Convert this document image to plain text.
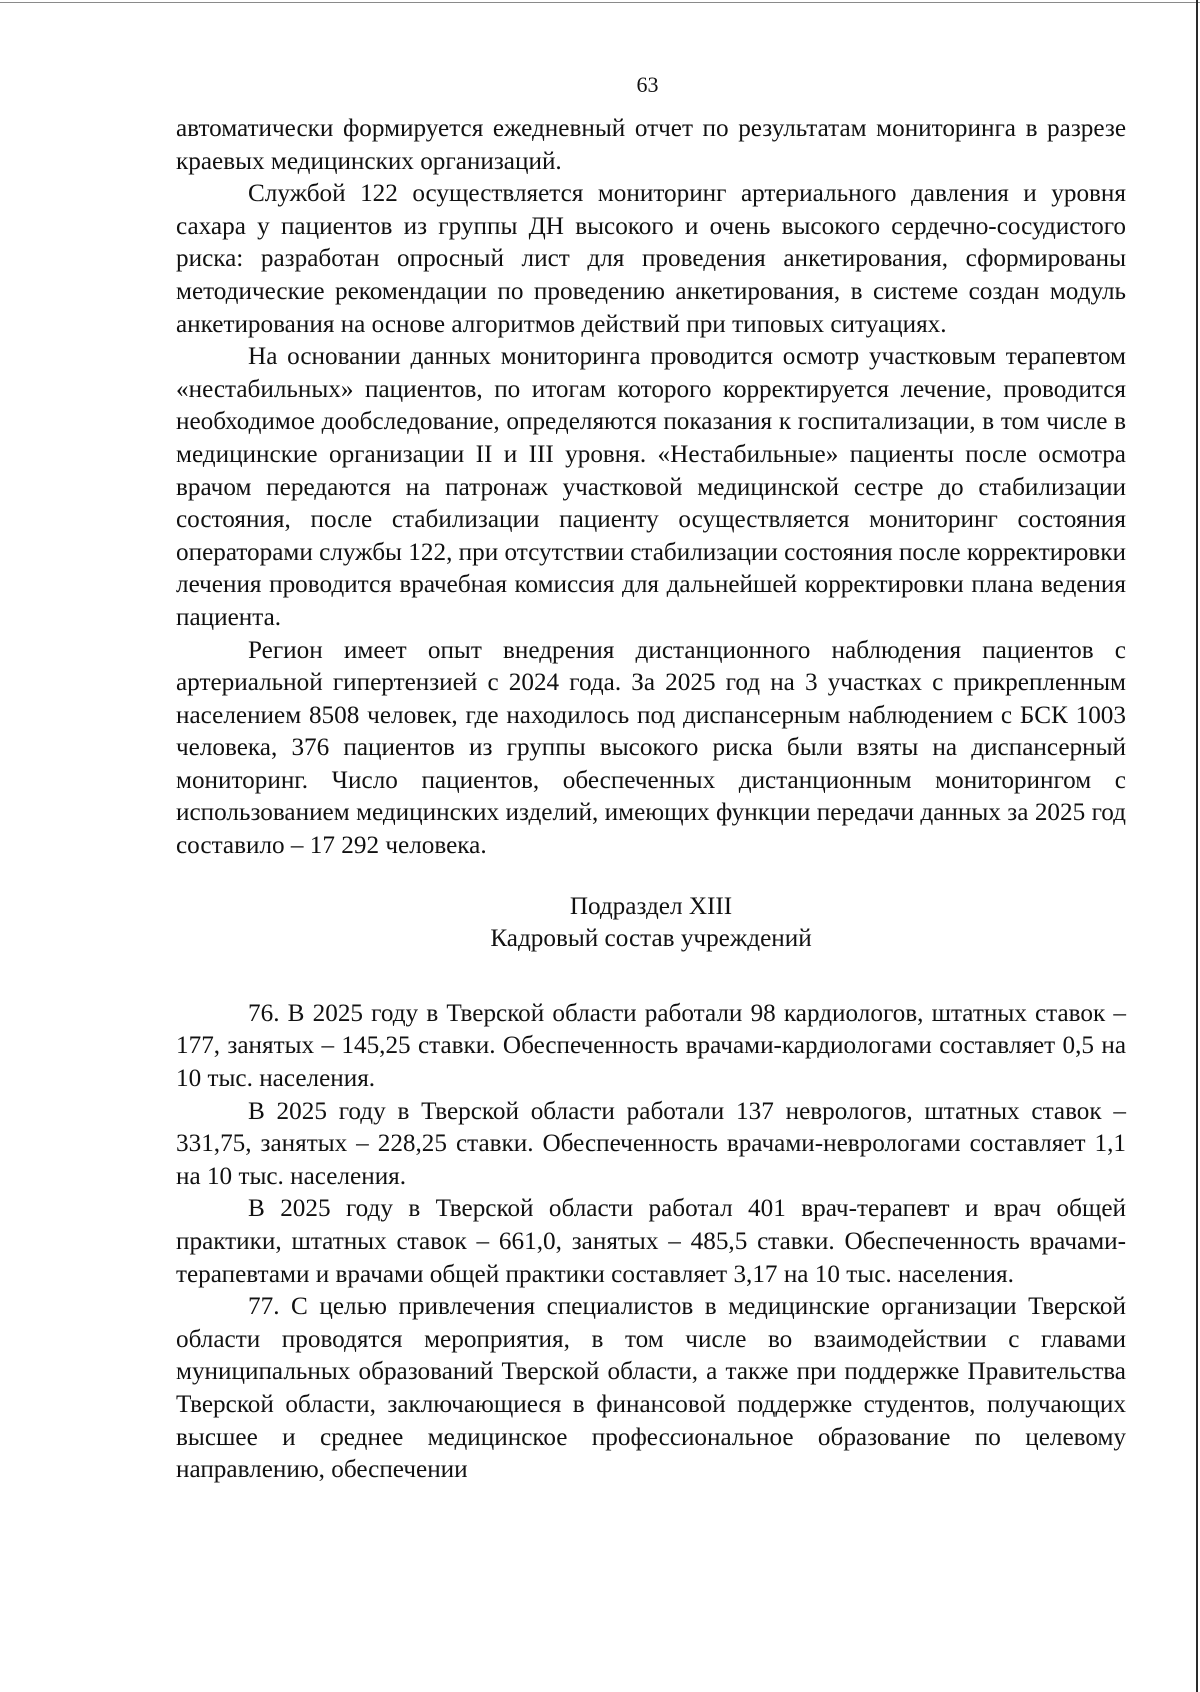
63

автоматически формируется ежедневный отчет по результатам мониторинга в разрезе краевых медицинских организаций.

Службой 122 осуществляется мониторинг артериального давления и уровня сахара у пациентов из группы ДН высокого и очень высокого сердечно-сосудистого риска: разработан опросный лист для проведения анкетирования, сформированы методические рекомендации по проведению анкетирования, в системе создан модуль анкетирования на основе алгоритмов действий при типовых ситуациях.

На основании данных мониторинга проводится осмотр участковым терапевтом «нестабильных» пациентов, по итогам которого корректируется лечение, проводится необходимое дообследование, определяются показания к госпитализации, в том числе в медицинские организации II и III уровня. «Нестабильные» пациенты после осмотра врачом передаются на патронаж участковой медицинской сестре до стабилизации состояния, после стабилизации пациенту осуществляется мониторинг состояния операторами службы 122, при отсутствии стабилизации состояния после корректировки лечения проводится врачебная комиссия для дальнейшей корректировки плана ведения пациента.

Регион имеет опыт внедрения дистанционного наблюдения пациентов с артериальной гипертензией с 2024 года. За 2025 год на 3 участках с прикрепленным населением 8508 человек, где находилось под диспансерным наблюдением с БСК 1003 человека, 376 пациентов из группы высокого риска были взяты на диспансерный мониторинг. Число пациентов, обеспеченных дистанционным мониторингом с использованием медицинских изделий, имеющих функции передачи данных за 2025 год составило – 17 292 человека.

Подраздел XIII
Кадровый состав учреждений

76. В 2025 году в Тверской области работали 98 кардиологов, штатных ставок – 177, занятых – 145,25 ставки. Обеспеченность врачами-кардиологами составляет 0,5 на 10 тыс. населения.

В 2025 году в Тверской области работали 137 неврологов, штатных ставок – 331,75, занятых – 228,25 ставки. Обеспеченность врачами-неврологами составляет 1,1 на 10 тыс. населения.

В 2025 году в Тверской области работал 401 врач-терапевт и врач общей практики, штатных ставок – 661,0, занятых – 485,5 ставки. Обеспеченность врачами-терапевтами и врачами общей практики составляет 3,17 на 10 тыс. населения.

77. С целью привлечения специалистов в медицинские организации Тверской области проводятся мероприятия, в том числе во взаимодействии с главами муниципальных образований Тверской области, а также при поддержке Правительства Тверской области, заключающиеся в финансовой поддержке студентов, получающих высшее и среднее медицинское профессиональное образование по целевому направлению, обеспечении
